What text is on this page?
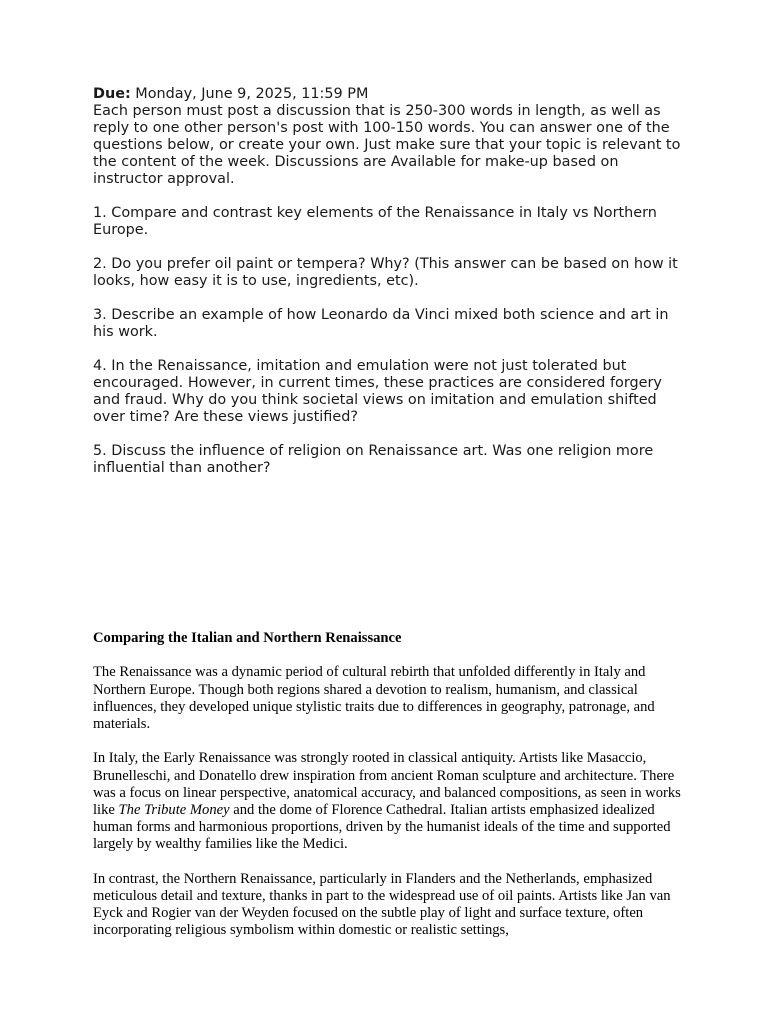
Due: Monday, June 9, 2025, 11:59 PM

Each person must post a discussion that is 250-300 words in length, as well as reply to one other person's post with 100-150 words. You can answer one of the questions below, or create your own. Just make sure that your topic is relevant to the content of the week. Discussions are Available for make-up based on instructor approval.

1. Compare and contrast key elements of the Renaissance in Italy vs Northern Europe.

2. Do you prefer oil paint or tempera? Why? (This answer can be based on how it looks, how easy it is to use, ingredients, etc).

3. Describe an example of how Leonardo da Vinci mixed both science and art in his work.

4. In the Renaissance, imitation and emulation were not just tolerated but encouraged. However, in current times, these practices are considered forgery and fraud. Why do you think societal views on imitation and emulation shifted over time? Are these views justified?

5. Discuss the influence of religion on Renaissance art. Was one religion more influential than another?

Comparing the Italian and Northern Renaissance

The Renaissance was a dynamic period of cultural rebirth that unfolded differently in Italy and Northern Europe. Though both regions shared a devotion to realism, humanism, and classical influences, they developed unique stylistic traits due to differences in geography, patronage, and materials.

In Italy, the Early Renaissance was strongly rooted in classical antiquity. Artists like Masaccio, Brunelleschi, and Donatello drew inspiration from ancient Roman sculpture and architecture. There was a focus on linear perspective, anatomical accuracy, and balanced compositions, as seen in works like The Tribute Money and the dome of Florence Cathedral. Italian artists emphasized idealized human forms and harmonious proportions, driven by the humanist ideals of the time and supported largely by wealthy families like the Medici.

In contrast, the Northern Renaissance, particularly in Flanders and the Netherlands, emphasized meticulous detail and texture, thanks in part to the widespread use of oil paints. Artists like Jan van Eyck and Rogier van der Weyden focused on the subtle play of light and surface texture, often incorporating religious symbolism within domestic or realistic settings,
